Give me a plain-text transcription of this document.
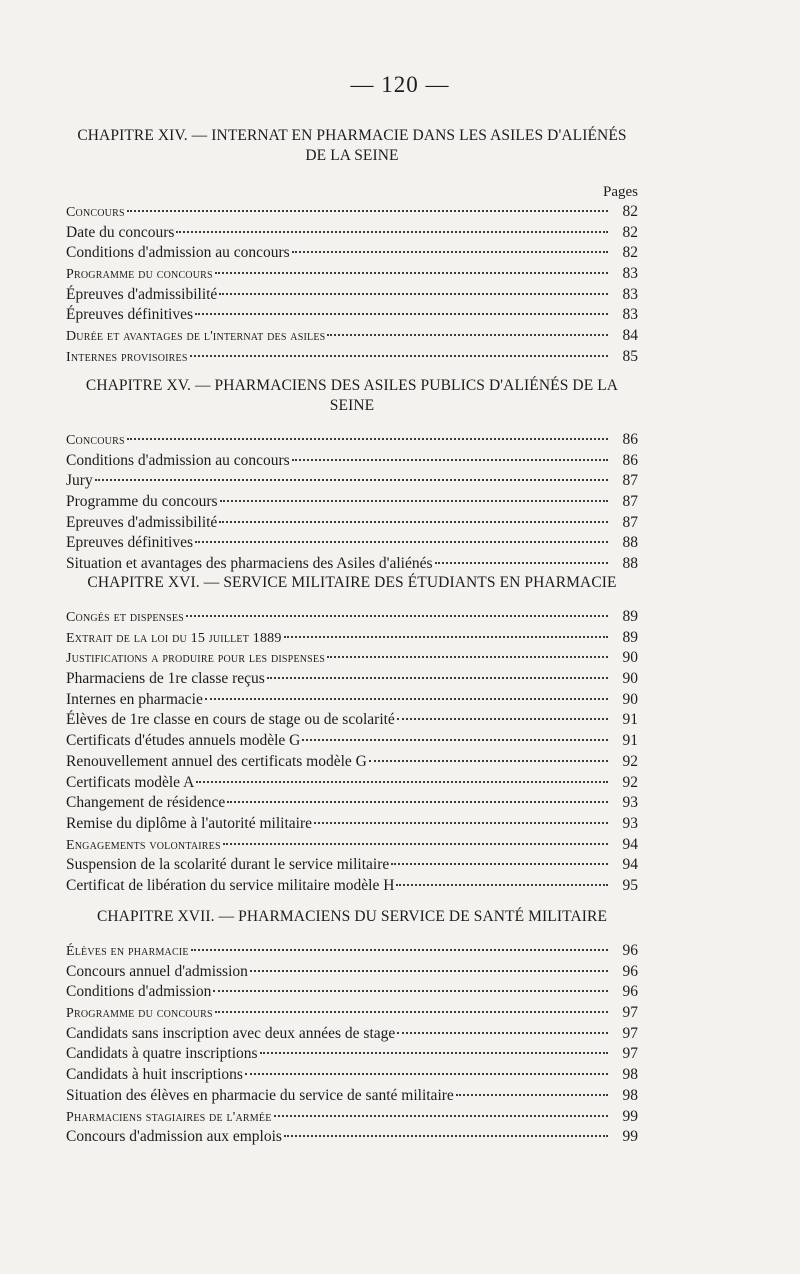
— 120 —
CHAPITRE XIV. — INTERNAT EN PHARMACIE DANS LES ASILES D'ALIÉNÉS
DE LA SEINE
Pages
Concours	82
Date du concours	82
Conditions d'admission au concours	82
Programme du concours	83
Épreuves d'admissibilité	83
Épreuves définitives	83
Durée et avantages de l'internat des asiles	84
Internes provisoires	85
CHAPITRE XV. — PHARMACIENS DES ASILES PUBLICS D'ALIÉNÉS DE LA SEINE
Concours	86
Conditions d'admission au concours	86
Jury	87
Programme du concours	87
Epreuves d'admissibilité	87
Epreuves définitives	88
Situation et avantages des pharmaciens des Asiles d'aliénés	88
CHAPITRE XVI. — SERVICE MILITAIRE DES ÉTUDIANTS EN PHARMACIE
Congés et dispenses	89
Extrait de la loi du 15 juillet 1889	89
Justifications a produire pour les dispenses	90
Pharmaciens de 1re classe reçus	90
Internes en pharmacie	90
Élèves de 1re classe en cours de stage ou de scolarité	91
Certificats d'études annuels modèle G	91
Renouvellement annuel des certificats modèle G	92
Certificats modèle A	92
Changement de résidence	93
Remise du diplôme à l'autorité militaire	93
Engagements volontaires	94
Suspension de la scolarité durant le service militaire	94
Certificat de libération du service militaire modèle H	95
CHAPITRE XVII. — PHARMACIENS DU SERVICE DE SANTÉ MILITAIRE
Élèves en pharmacie	96
Concours annuel d'admission	96
Conditions d'admission	96
Programme du concours	97
Candidats sans inscription avec deux années de stage	97
Candidats à quatre inscriptions	97
Candidats à huit inscriptions	98
Situation des élèves en pharmacie du service de santé militaire	98
Pharmaciens stagiaires de l'armée	99
Concours d'admission aux emplois	99
